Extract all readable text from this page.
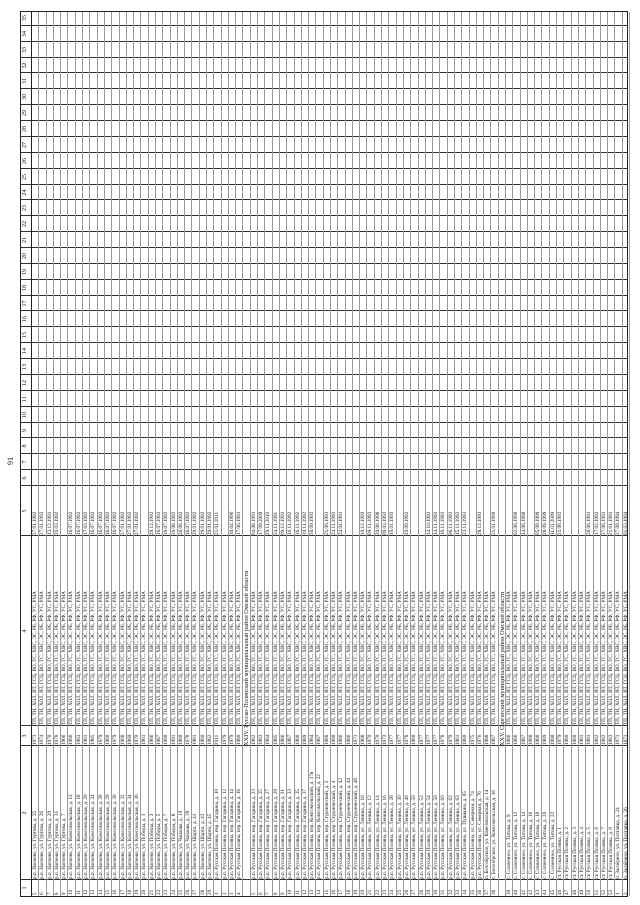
91
1
2
3
4
5
6
7
8
9
10
11
12
13
14
15
16
17
18
19
20
21
22
23
24
25
26
27
28
29
30
31
32
33
34
35
5
р.п. Нагиево, ул. Гуртова, д. 25
1973
ТП, ТН, ХОЛ, ВТ, ГСЦ, ВО, ГС, ХВС, ЭС, РБ, РФ, УС, РМА
27.01.1992
6
р.п. Нагиево, ул. Гуртова, д. 26
1974
ТП, ТН, ХОЛ, ВТ, ГСЦ, ВО, ГС, ХВС, ЭС, РБ, РФ, УС, РМА
27.01.1992
7
р.п. Нагиево, ул. Гуртова, д. 29
1970
ТП, ТН, ХОЛ, ВТ, ГСЦ, ВО, ГС, ХВС, ЭС, РБ, РФ, УС, РМА
13.12.1991
8
р.п. Нагиево, ул. Гуртова, д. 31
1978
ТП, ТН, ХОЛ, ВТ, ГСЦ, ВО, ГС, ХВС, ЭС, РБ, РФ, УС, РМА
20.03.1992
9
р.п. Нагиево, ул. Гуртова, д. 7
1966
ТП, ТН, ХОЛ, ВТ, ГСЦ, ВО, ГС, ХВС, ЭС, РБ, РФ, УС, РМА
10
р.п. Нагиево, ул. Комсомольская, д. 13
1986
ТП, ТН, ХОЛ, ВТ, ГСЦ, ВО, ГС, ХВС, ЭС, РБ, РФ, УС, РМА
16.07.1992
11
р.п. Нагиево, ул. Комсомольская, д. 18
1983
ТП, ТН, ХОЛ, ВТ, ГСЦ, ВО, ГС, ХВС, ЭС, РБ, РФ, УС, РМА
16.07.1992
12
р.п. Нагиево, ул. Комсомольская, д. 20
1981
ТП, ТН, ХОЛ, ВТ, ГСЦ, ВО, ГС, ХВС, ЭС, РБ, РФ, УС, РМА
17.03.1992
13
р.п. Нагиево, ул. Комсомольская, д. 24
1985
ТП, ТН, ХОЛ, ВТ, ГСЦ, ВО, ГС, ХВС, ЭС, РБ, РФ, УС, РМА
16.07.1992
14
р.п. Нагиево, ул. Комсомольская, д. 28
1979
ТП, ТН, ХОЛ, ВТ, ГСЦ, ВО, ГС, ХВС, ЭС, РБ, РФ, УС, РМА
16.07.1992
15
р.п. Нагиево, ул. Комсомольская, д. 29
1980
ТП, ТН, ХОЛ, ВТ, ГСЦ, ВО, ГС, ХВС, ЭС, РБ, РФ, УС, РМА
16.07.1992
16
р.п. Нагиево, ул. Комсомольская, д. 30
1979
ТП, ТН, ХОЛ, ВТ, ГСЦ, ВО, ГС, ХВС, ЭС, РБ, РФ, УС, РМА
16.07.1992
17
р.п. Нагиево, ул. Комсомольская, д. 32
1968
ТП, ТН, ХОЛ, ВТ, ГСЦ, ВО, ГС, ХВС, ЭС, РБ, РФ, УС, РМА
27.01.1992
18
р.п. Нагиево, ул. Комсомольская, д. 34
1969
ТП, ТН, ХОЛ, ВТ, ГСЦ, ВО, ГС, ХВС, ЭС, РБ, РФ, УС, РМА
27.01.1992
19
р.п. Нагиево, ул. Комсомольская, д. 36
1970
ТП, ТН, ХОЛ, ВТ, ГСЦ, ВО, ГС, ХВС, ЭС, РБ, РФ, УС, РМА
27.01.1992
20
р.п. Нагиево, ул. Победы, д. 1
1981
ТП, ТН, ХОЛ, ВТ, ГСЦ, ВО, ГС, ХВС, ЭС, РБ, РФ, УС, РМА
21
р.п. Нагиево, ул. Победы, д. 3
1986
ТП, ТН, ХОЛ, ВТ, ГСЦ, ВО, ГС, ХВС, ЭС, РБ, РФ, УС, РМА
29.12.1992
22
р.п. Нагиево, ул. Победы, д. 5
1987
ТП, ТН, ХОЛ, ВТ, ГСЦ, ВО, ГС, ХВС, ЭС, РБ, РФ, УС, РМА
16.07.1992
23
р.п. Нагиево, ул. Победы, д. 7
1990
ТП, ТН, ХОЛ, ВТ, ГСЦ, ВО, ГС, ХВС, ЭС, РБ, РФ, УС, РМА
16.07.1992
24
р.п. Нагиево, ул. Победы, д. 8
1991
ТП, ТН, ХОЛ, ВТ, ГСЦ, ВО, ГС, ХВС, ЭС, РБ, РФ, УС, РМА
20.08.1992
25
р.п. Нагиево, ул. Чапаева, д. 10
1980
ТП, ТН, ХОЛ, ВТ, ГСЦ, ВО, ГС, ХВС, ЭС, РБ, РФ, УС, РМА
26.08.1992
26
р.п. Нагиево, ул. Чапаева, д. 39
1978
ТП, ТН, ХОЛ, ВТ, ГСЦ, ВО, ГС, ХВС, ЭС, РБ, РФ, УС, РМА
16.07.1992
27
р.п. Нагиево, ул. Шарта, д. 41
1981
ТП, ТН, ХОЛ, ВТ, ГСЦ, ВО, ГС, ХВС, ЭС, РБ, РФ, УС, РМА
29.01.1992
28
р.п. Нагиево, ул. Шарта, д. 43
1980
ТП, ТН, ХОЛ, ВТ, ГСЦ, ВО, ГС, ХВС, ЭС, РБ, РФ, УС, РМА
29.01.1992
29
р.п. Нагиево, ул. Шарта, д. 45
1982
ТП, ТН, ХОЛ, ВТ, ГСЦ, ВО, ГС, ХВС, ЭС, РБ, РФ, УС, РМА
29.01.1992
1
р.п. Русская Поляна, пер. Гагарина, д. 10
2011
ТП, ТН, ХОЛ, ВТ, ГСЦ, ВО, ГС, ХВС, ЭС, РБ, РФ, УС, РМА
21.01.2011
2
р.п. Русская Поляна, пер. Гагарина, д. 12
1979
ТП, ТН, ХОЛ, ВТ, ГСЦ, ВО, ГС, ХВС, ЭС, РБ, РФ, УС, РМА
3
р.п. Русская Поляна, пер. Гагарина, д. 14
1979
ТП, ТН, ХОЛ, ВТ, ГСЦ, ВО, ГС, ХВС, ЭС, РБ, РФ, УС, РМА
30.04.1996
4
р.п. Русская Поляна, пер. Гагарина, д. 16
1980
ТП, ТН, ХОЛ, ВТ, ГСЦ, ВО, ГС, ХВС, ЭС, РБ, РФ, УС, РМА
17.06.1991
XXIV. Русско-Полянский муниципальный район Омской области
5
р.п. Русская Поляна, пер. Гагарина, д. 23
1982
ТП, ТН, ХОЛ, ВТ, ГСЦ, ВО, ГС, ХВС, ЭС, РБ, РФ, УС, РМА
04.08.1991
6
р.п. Русская Поляна, пер. Гагарина, д. 25
1983
ТП, ТН, ХОЛ, ВТ, ГСЦ, ВО, ГС, ХВС, ЭС, РБ, РФ, УС, РМА
17.09.2009
7
р.п. Русская Поляна, пер. Гагарина, д. 27
1984
ТП, ТН, ХОЛ, ВТ, ГСЦ, ВО, ГС, ХВС, ЭС, РБ, РФ, УС, РМА
29.11.2010
8
р.п. Русская Поляна, пер. Гагарина, д. 29
1985
ТП, ТН, ХОЛ, ВТ, ГСЦ, ВО, ГС, ХВС, ЭС, РБ, РФ, УС, РМА
24.11.1991
9
р.п. Русская Поляна, пер. Гагарина, д. 31
1986
ТП, ТН, ХОЛ, ВТ, ГСЦ, ВО, ГС, ХВС, ЭС, РБ, РФ, УС, РМА
09.12.1991
10
р.п. Русская Поляна, пер. Гагарина, д. 33
1987
ТП, ТН, ХОЛ, ВТ, ГСЦ, ВО, ГС, ХВС, ЭС, РБ, РФ, УС, РМА
16.11.1992
11
р.п. Русская Поляна, пер. Гагарина, д. 35
1988
ТП, ТН, ХОЛ, ВТ, ГСЦ, ВО, ГС, ХВС, ЭС, РБ, РФ, УС, РМА
16.11.1992
12
р.п. Русская Поляна, пер. Гагарина, д. 37
1989
ТП, ТН, ХОЛ, ВТ, ГСЦ, ВО, ГС, ХВС, ЭС, РБ, РФ, УС, РМА
19.11.1992
13
р.п. Русская Поляна, пер. Комсомольский, д. 17в
1984
ТП, ТН, ХОЛ, ВТ, ГСЦ, ВО, ГС, ХВС, ЭС, РБ, РФ, УС, РМА
30.09.1992
14
р.п. Русская Поляна, пер. Комсомольский, д. 22
1987
ТП, ТН, ХОЛ, ВТ, ГСЦ, ВО, ГС, ХВС, ЭС, РБ, РФ, УС, РМА
15
р.п. Русская Поляна, пер. Студенческий, д. 2
1988
ТП, ТН, ХОЛ, ВТ, ГСЦ, ВО, ГС, ХВС, ЭС, РБ, РФ, УС, РМА
21.06.1993
16
р.п. Русская Поляна, пер. Студенческий, д. 4
1990
ТП, ТН, ХОЛ, ВТ, ГСЦ, ВО, ГС, ХВС, ЭС, РБ, РФ, УС, РМА
24.11.1993
17
р.п. Русская Поляна, пер. Студенческий, д. 42
1986
ТП, ТН, ХОЛ, ВТ, ГСЦ, ВО, ГС, ХВС, ЭС, РБ, РФ, УС, РМА
24.04.1991
18
р.п. Русская Поляна, пер. Студенческий, д. 44
1986
ТП, ТН, ХОЛ, ВТ, ГСЦ, ВО, ГС, ХВС, ЭС, РБ, РФ, УС, РМА
19
р.п. Русская Поляна, пер. Студенческий, д. 46
1971
ТП, ТН, ХОЛ, ВТ, ГСЦ, ВО, ГС, ХВС, ЭС, РБ, РФ, УС, РМА
20
р.п. Русская Поляна, ул. Ленина, д. 10
1968
ТП, ТН, ХОЛ, ВТ, ГСЦ, ВО, ГС, ХВС, ЭС, РБ, РФ, УС, РМА
10.12.1993
21
р.п. Русская Поляна, ул. Ленина, д. 12
1970
ТП, ТН, ХОЛ, ВТ, ГСЦ, ВО, ГС, ХВС, ЭС, РБ, РФ, УС, РМА
09.11.1993
22
р.п. Русская Поляна, ул. Ленина, д. 14
1970
ТП, ТН, ХОЛ, ВТ, ГСЦ, ВО, ГС, ХВС, ЭС, РБ, РФ, УС, РМА
20.08.1998
23
р.п. Русская Поляна, ул. Ленина, д. 16
1972
ТП, ТН, ХОЛ, ВТ, ГСЦ, ВО, ГС, ХВС, ЭС, РБ, РФ, УС, РМА
09.03.1992
24
р.п. Русская Поляна, ул. Ленина, д. 28
1977
ТП, ТН, ХОЛ, ВТ, ГСЦ, ВО, ГС, ХВС, ЭС, РБ, РФ, УС, РМА
10.01.1993
25
р.п. Русская Поляна, ул. Ленина, д. 30
1977
ТП, ТН, ХОЛ, ВТ, ГСЦ, ВО, ГС, ХВС, ЭС, РБ, РФ, УС, РМА
26
р.п. Русская Поляна, ул. Ленина, д. 46
1978
ТП, ТН, ХОЛ, ВТ, ГСЦ, ВО, ГС, ХВС, ЭС, РБ, РФ, УС, РМА
10.09.1992
27
р.п. Русская Поляна, ул. Ленина, д. 50
1980
ТП, ТН, ХОЛ, ВТ, ГСЦ, ВО, ГС, ХВС, ЭС, РБ, РФ, УС, РМА
28
р.п. Русская Поляна, ул. Ленина, д. 52
1977
ТП, ТН, ХОЛ, ВТ, ГСЦ, ВО, ГС, ХВС, ЭС, РБ, РФ, УС, РМА
29
р.п. Русская Поляна, ул. Ленина, д. 54
1977
ТП, ТН, ХОЛ, ВТ, ГСЦ, ВО, ГС, ХВС, ЭС, РБ, РФ, УС, РМА
14.10.1993
30
р.п. Русская Поляна, ул. Ленина, д. 56
1977
ТП, ТН, ХОЛ, ВТ, ГСЦ, ВО, ГС, ХВС, ЭС, РБ, РФ, УС, РМА
14.11.1993
31
р.п. Русская Поляна, ул. Ленина, д. 60
1978
ТП, ТН, ХОЛ, ВТ, ГСЦ, ВО, ГС, ХВС, ЭС, РБ, РФ, УС, РМА
16.11.1993
32
р.п. Русская Поляна, ул. Ленина, д. 62
1979
ТП, ТН, ХОЛ, ВТ, ГСЦ, ВО, ГС, ХВС, ЭС, РБ, РФ, УС, РМА
06.11.1993
33
р.п. Русская Поляна, ул. Ленина, д. 63
1981
ТП, ТН, ХОЛ, ВТ, ГСЦ, ВО, ГС, ХВС, ЭС, РБ, РФ, УС, РМА
15.11.1993
34
р.п. Русская Поляна, ул. Пушкина, д. 65
1980
ТП, ТН, ХОЛ, ВТ, ГСЦ, ВО, ГС, ХВС, ЭС, РБ, РФ, УС, РМА
23.11.1993
35
р.п. Русская Поляна, ул. Северная, д. 74
1975
ТП, ТН, ХОЛ, ВТ, ГСЦ, ВО, ГС, ХВС, ЭС, РБ, РФ, УС, РМА
36
р.п. Русская Поляна, ул. Северная, д. 76
1976
ТП, ТН, ХОЛ, ВТ, ГСЦ, ВО, ГС, ХВС, ЭС, РБ, РФ, УС, РМА
28.12.1993
37
п. Белозёрское, ул. Комсомольская, д. 14
1988
ТП, ТН, ХОЛ, ВТ, ГСЦ, ВО, ГС, ХВС, ЭС, РБ, РФ, УС, РМА
38
с. Белозёрское, ул. Комсомольская, д. 16
1987
ТП, ТН, ХОЛ, ВТ, ГСЦ, ВО, ГС, ХВС, ЭС, РБ, РФ, УС, РМА
21.01.1990
XXV. Саргатский муниципальный район Омской области
39
с. Солнечное, ул. Титова, д. 9
1986
ТП, ТН, ХОЛ, ВТ, ГСЦ, ВО, ГС, ХВС, ЭС, РБ, РФ, УС, РМА
40
с. Солнечное, ул. Титова, д. 12
1986
ТП, ТН, ХОЛ, ВТ, ГСЦ, ВО, ГС, ХВС, ЭС, РБ, РФ, УС, РМА
02.06.1990
41
с. Солнечное, ул. Титова, д. 14
1987
ТП, ТН, ХОЛ, ВТ, ГСЦ, ВО, ГС, ХВС, ЭС, РБ, РФ, УС, РМА
14.06.1990
42
с. Солнечное, ул. Титова, д. 16
1988
ТП, ТН, ХОЛ, ВТ, ГСЦ, ВО, ГС, ХВС, ЭС, РБ, РФ, УС, РМА
43
с. Солнечное, ул. Титова, д. 18
1988
ТП, ТН, ХОЛ, ВТ, ГСЦ, ВО, ГС, ХВС, ЭС, РБ, РФ, УС, РМА
05.09.1999
44
с. Солнечное, ул. Титова, д. 20
1989
ТП, ТН, ХОЛ, ВТ, ГСЦ, ВО, ГС, ХВС, ЭС, РБ, РФ, УС, РМА
28.09.1999
45
с. Солнечное, ул. Титова, д. 22
1990
ТП, ТН, ХОЛ, ВТ, ГСЦ, ВО, ГС, ХВС, ЭС, РБ, РФ, УС, РМА
11.01.2009
46
ст. Русская Поляна, д. 1
1979
ТП, ТН, ХОЛ, ВТ, ГСЦ, ВО, ГС, ХВС, ЭС, РБ, РФ, УС, РМА
21.08.1992
47
ст. Русская Поляна, д. 2
1980
ТП, ТН, ХОЛ, ВТ, ГСЦ, ВО, ГС, ХВС, ЭС, РБ, РФ, УС, РМА
48
ст. Русская Поляна, д. 3
1980
ТП, ТН, ХОЛ, ВТ, ГСЦ, ВО, ГС, ХВС, ЭС, РБ, РФ, УС, РМА
49
ст. Русская Поляна, д. 4
1981
ТП, ТН, ХОЛ, ВТ, ГСЦ, ВО, ГС, ХВС, ЭС, РБ, РФ, УС, РМА
50
ст. Русская Поляна, д. 5
1981
ТП, ТН, ХОЛ, ВТ, ГСЦ, ВО, ГС, ХВС, ЭС, РБ, РФ, УС, РМА
28.06.1991
51
ст. Русская Поляна, д. 6
1982
ТП, ТН, ХОЛ, ВТ, ГСЦ, ВО, ГС, ХВС, ЭС, РБ, РФ, УС, РМА
17.02.1992
52
ст. Русская Поляна, д. 7
1982
ТП, ТН, ХОЛ, ВТ, ГСЦ, ВО, ГС, ХВС, ЭС, РБ, РФ, УС, РМА
27.06.1991
53
ст. Русская Поляна, д. 8
1983
ТП, ТН, ХОЛ, ВТ, ГСЦ, ВО, ГС, ХВС, ЭС, РБ, РФ, УС, РМА
21.01.1991
1
п. Заозёрное, ул. Полтавца, д. 24
1971
ТП, ТН, ХОЛ, ВТ, ГСЦ, ВО, ГС, ХВС, ЭС, РБ, РФ, УС, РМА
27.09.1994
2
п. Заозёрное, ул. Полтавца, д. 26
1971
ТП, ТН, ХОЛ, ВТ, ГСЦ, ВО, ГС, ХВС, ЭС, РБ, РФ, УС, РМА
01.03.1994
